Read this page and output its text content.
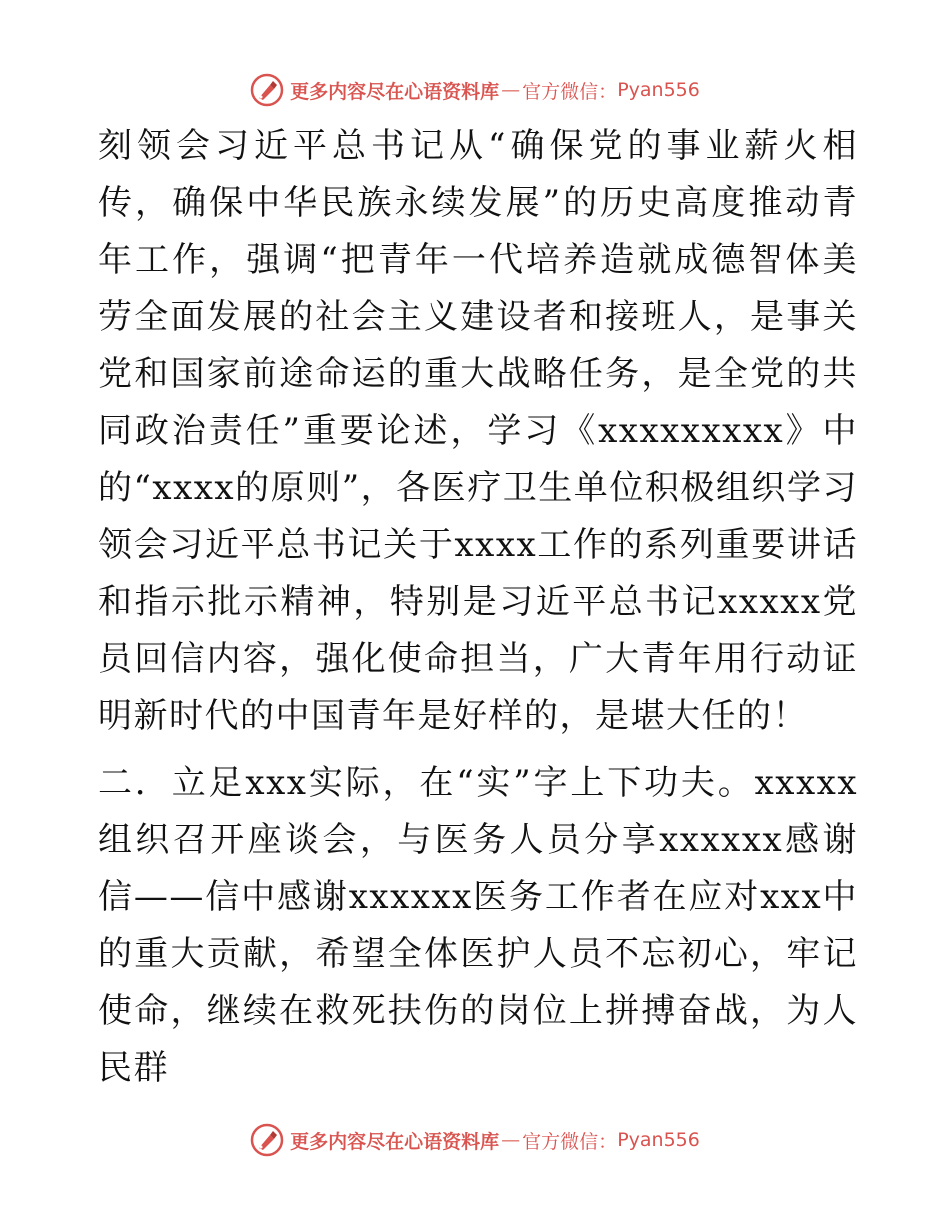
更多内容尽在心语资料库 — 官方微信： Pyan556

刻领会习近平总书记从“确保党的事业薪火相传，确保中华民族永续发展”的历史高度推动青年工作，强调“把青年一代培养造就成德智体美劳全面发展的社会主义建设者和接班人，是事关党和国家前途命运的重大战略任务，是全党的共同政治责任”重要论述，学习《xxxxxxxxx》中的“xxxx的原则”，各医疗卫生单位积极组织学习领会习近平总书记关于xxxx工作的系列重要讲话和指示批示精神，特别是习近平总书记xxxxx党员回信内容，强化使命担当，广大青年用行动证明新时代的中国青年是好样的，是堪大任的！

二．立足xxx实际，在“实”字上下功夫。xxxxx组织召开座谈会，与医务人员分享xxxxxx感谢信——信中感谢xxxxxx医务工作者在应对xxx中的重大贡献，希望全体医护人员不忘初心，牢记使命，继续在救死扶伤的岗位上拼搏奋战，为人民群

更多内容尽在心语资料库 — 官方微信： Pyan556
